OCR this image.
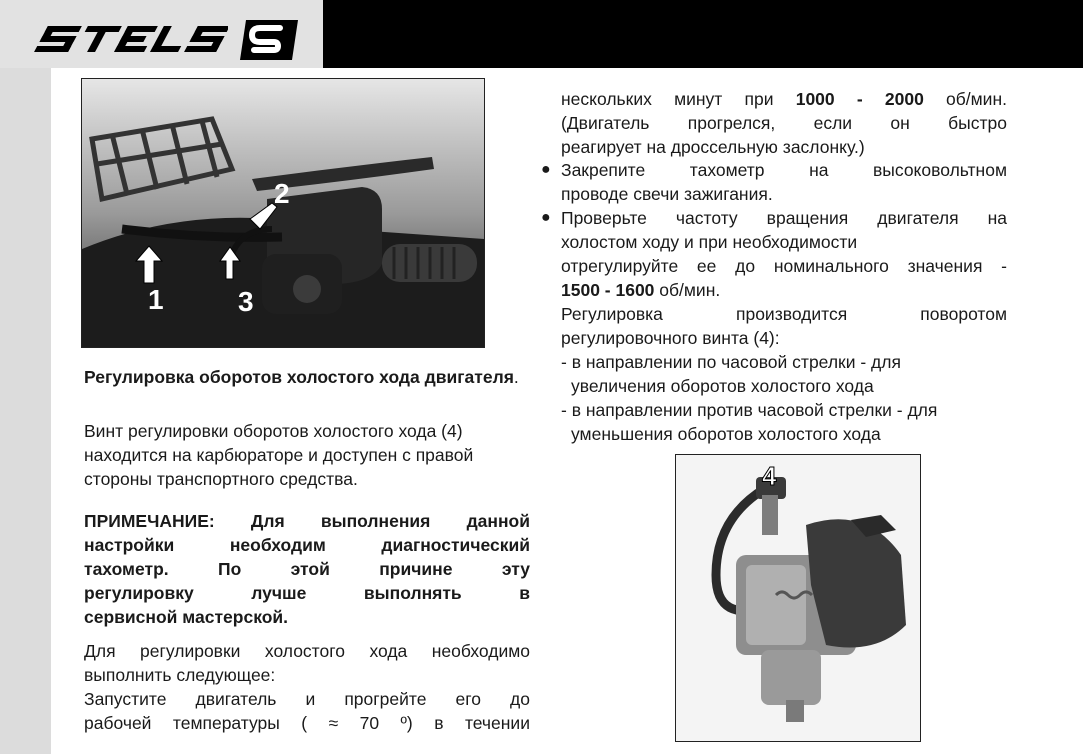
1
2
3
Регулировка оборотов холостого хода двигателя.

Винт регулировки оборотов холостого хода (4)

находится на карбюраторе и доступен с правой

стороны транспортного средства.

ПРИМЕЧАНИЕ: Для выполнения данной

настройки необходим диагностический

тахометр. По этой причине эту

регулировку лучше выполнять в

сервисной мастерской.

Для регулировки холостого хода необходимо

выполнить следующее:

Запустите двигатель и прогрейте его до

рабочей температуры ( ≈ 70 º) в течении

нескольких минут при 1000 - 2000 об/мин.

(Двигатель прогрелся, если он быстро

реагирует на дроссельную заслонку.)

● Закрепите тахометр на высоковольтном

проводе свечи зажигания.

● Проверьте частоту вращения двигателя на

холостом ходу и при необходимости

отрегулируйте ее до номинального значения -

1500 - 1600 об/мин.

Регулировка производится поворотом

регулировочного винта (4):

- в направлении по часовой стрелки - для

увеличения оборотов холостого хода

- в направлении против часовой стрелки - для

уменьшения оборотов холостого хода

4
